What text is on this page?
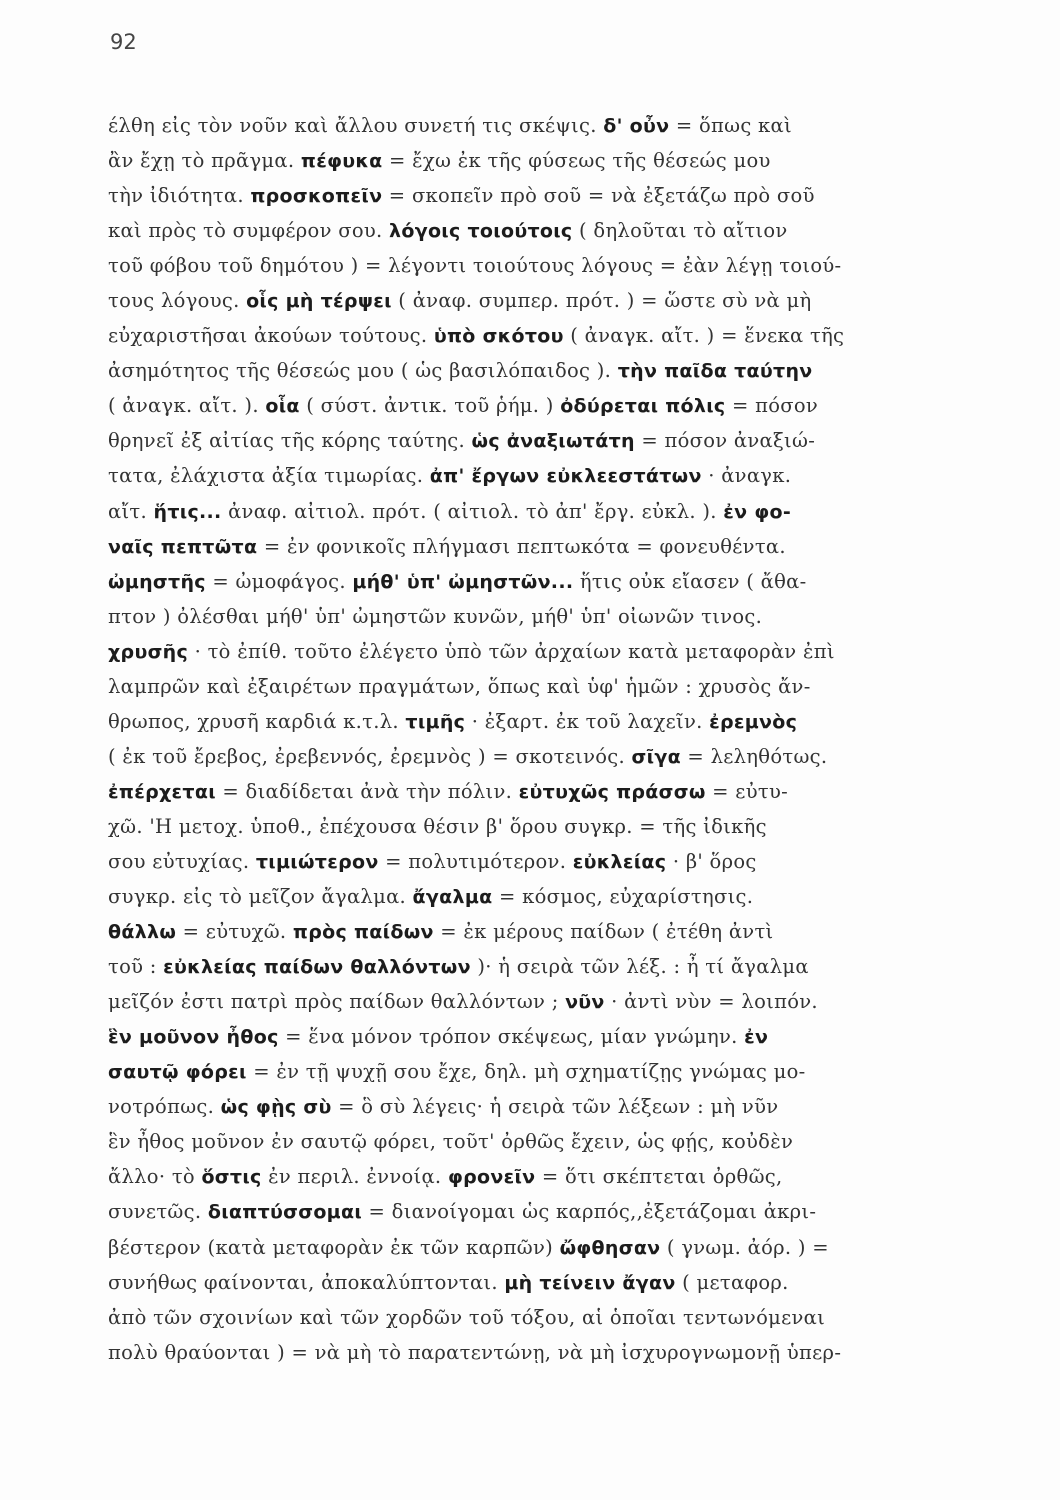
92
έλθη εἰς τὸν νοῦν καὶ ἄλλου συνετή τις σκέψις. δ' οὖν = ὅπως καὶ
ἂν ἔχῃ τὸ πρᾶγμα. πέφυκα = ἔχω ἐκ τῆς φύσεως τῆς θέσεώς μου
τὴν ἰδιότητα. προσκοπεῖν = σκοπεῖν πρὸ σοῦ = νὰ ἐξετάζω πρὸ σοῦ
καὶ πρὸς τὸ συμφέρον σου. λόγοις τοιούτοις ( δηλοῦται τὸ αἴτιον
τοῦ φόβου τοῦ δημότου ) = λέγοντι τοιούτους λόγους = ἐὰν λέγῃ τοιού-
τους λόγους. οἷς μὴ τέρψει ( ἀναφ. συμπερ. πρότ. ) = ὥστε σὺ νὰ μὴ
εὐχαριστῆσαι ἀκούων τούτους. ὑπὸ σκότου ( ἀναγκ. αἴτ. ) = ἕνεκα τῆς
ἀσημότητος τῆς θέσεώς μου ( ὡς βασιλόπαιδος ). τὴν παῖδα ταύτην
( ἀναγκ. αἴτ. ). οἷα ( σύστ. ἀντικ. τοῦ ῥήμ. ) ὀδύρεται πόλις = πόσον
θρηνεῖ ἐξ αἰτίας τῆς κόρης ταύτης. ὡς ἀναξιωτάτη = πόσον ἀναξιώ-
τατα, ἐλάχιστα ἀξία τιμωρίας. ἀπ' ἔργων εὐκλεεστάτων · ἀναγκ.
αἴτ. ἥτις... ἀναφ. αἰτιολ. πρότ. ( αἰτιολ. τὸ ἀπ' ἔργ. εὐκλ. ). ἐν φο-
ναῖς πεπτῶτα = ἐν φονικοῖς πλήγμασι πεπτωκότα = φονευθέντα.
ὠμηστῆς = ὠμοφάγος. μήθ' ὑπ' ὠμηστῶν... ἥτις οὐκ εἴασεν ( ἄθα-
πτον ) ὀλέσθαι μήθ' ὑπ' ὠμηστῶν κυνῶν, μήθ' ὑπ' οἰωνῶν τινος.
χρυσῆς · τὸ ἐπίθ. τοῦτο ἐλέγετο ὑπὸ τῶν ἀρχαίων κατὰ μεταφορὰν ἐπὶ
λαμπρῶν καὶ ἐξαιρέτων πραγμάτων, ὅπως καὶ ὑφ' ἡμῶν : χρυσὸς ἄν-
θρωπος, χρυσῆ καρδιά κ.τ.λ. τιμῆς · ἐξαρτ. ἐκ τοῦ λαχεῖν. ἐρεμνὸς
( ἐκ τοῦ ἔρεβος, ἐρεβεννός, ἐρεμνὸς ) = σκοτεινός. σῖγα = λεληθότως.
ἐπέρχεται = διαδίδεται ἀνὰ τὴν πόλιν. εὐτυχῶς πράσσω = εὐτυ-
χῶ. 'Η μετοχ. ὑποθ., ἐπέχουσα θέσιν β' ὅρου συγκρ. = τῆς ἰδικῆς
σου εὐτυχίας. τιμιώτερον = πολυτιμότερον. εὐκλείας · β' ὅρος
συγκρ. εἰς τὸ μεῖζον ἄγαλμα. ἄγαλμα = κόσμος, εὐχαρίστησις.
θάλλω = εὐτυχῶ. πρὸς παίδων = ἐκ μέρους παίδων ( ἐτέθη ἀντὶ
τοῦ : εὐκλείας παίδων θαλλόντων )· ἡ σειρὰ τῶν λέξ. : ἦ τί ἄγαλμα
μεῖζόν ἐστι πατρὶ πρὸς παίδων θαλλόντων ; νῦν · ἀντὶ νὺν = λοιπόν.
ἓν μοῦνον ἦθος = ἕνα μόνον τρόπον σκέψεως, μίαν γνώμην. ἐν
σαυτῷ φόρει = ἐν τῇ ψυχῇ σου ἔχε, δηλ. μὴ σχηματίζῃς γνώμας μο-
νοτρόπως. ὡς φῂς σὺ = ὃ σὺ λέγεις· ἡ σειρὰ τῶν λέξεων : μὴ νῦν
ἓν ἦθος μοῦνον ἐν σαυτῷ φόρει, τοῦτ' ὀρθῶς ἔχειν, ὡς φῄς, κοὐδὲν
ἄλλο· τὸ ὅστις ἐν περιλ. ἐννοίᾳ. φρονεῖν = ὅτι σκέπτεται ὀρθῶς,
συνετῶς. διαπτύσσομαι = διανοίγομαι ὡς καρπός,,ἐξετάζομαι ἀκρι-
βέστερον (κατὰ μεταφορὰν ἐκ τῶν καρπῶν) ὤφθησαν ( γνωμ. ἀόρ. ) =
συνήθως φαίνονται, ἀποκαλύπτονται. μὴ τείνειν ἄγαν ( μεταφορ.
ἀπὸ τῶν σχοινίων καὶ τῶν χορδῶν τοῦ τόξου, αἱ ὁποῖαι τεντωνόμεναι
πολὺ θραύονται ) = νὰ μὴ τὸ παρατεντώνῃ, νὰ μὴ ἰσχυρογνωμονῇ ὑπερ-
